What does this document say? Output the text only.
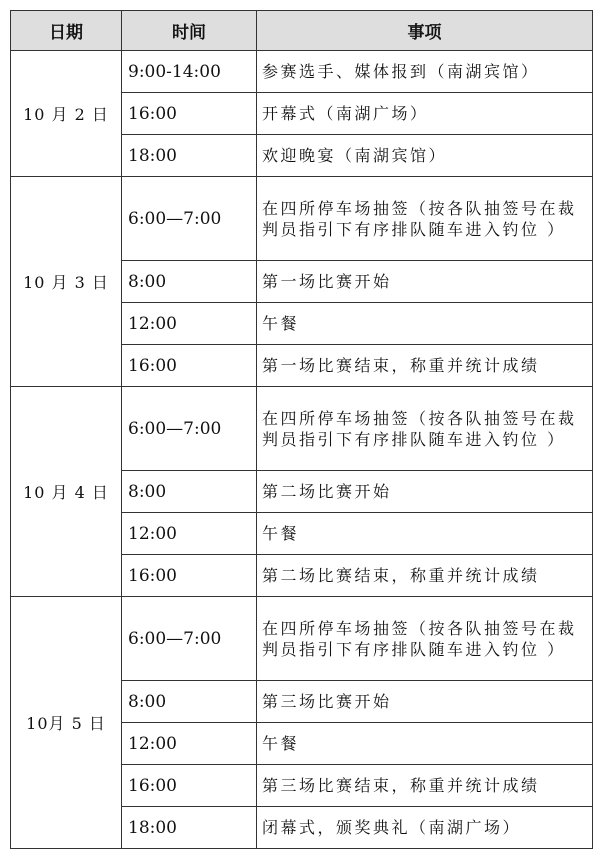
日期	时间	事项
10 月 2 日	9:00-14:00	参赛选手、媒体报到（南湖宾馆）
	16:00	开幕式（南湖广场）
	18:00	欢迎晚宴（南湖宾馆）
10 月 3 日	6:00—7:00	在四所停车场抽签（按各队抽签号在裁判员指引下有序排队随车进入钓位 ）
	8:00	第一场比赛开始
	12:00	午餐
	16:00	第一场比赛结束，称重并统计成绩
10 月 4 日	6:00—7:00	在四所停车场抽签（按各队抽签号在裁判员指引下有序排队随车进入钓位 ）
	8:00	第二场比赛开始
	12:00	午餐
	16:00	第二场比赛结束，称重并统计成绩
10月 5 日	6:00—7:00	在四所停车场抽签（按各队抽签号在裁判员指引下有序排队随车进入钓位 ）
	8:00	第三场比赛开始
	12:00	午餐
	16:00	第三场比赛结束，称重并统计成绩
	18:00	闭幕式，颁奖典礼（南湖广场）
